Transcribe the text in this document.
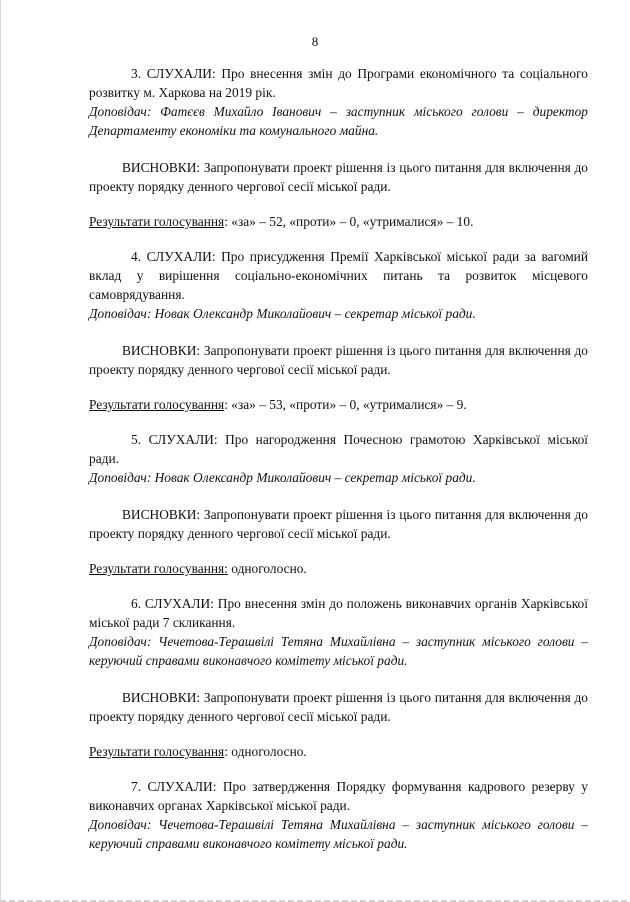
8

3. СЛУХАЛИ: Про внесення змін до Програми економічного та соціального розвитку м. Харкова на 2019 рік.

Доповідач: Фатєєв Михайло Іванович – заступник міського голови – директор Департаменту економіки та комунального майна.

ВИСНОВКИ: Запропонувати проект рішення із цього питання для включення до проекту порядку денного чергової сесії міської ради.

Результати голосування: «за» – 52, «проти» – 0, «утрималися» – 10.

4. СЛУХАЛИ: Про присудження Премії Харківської міської ради за вагомий вклад у вирішення соціально-економічних питань та розвиток місцевого самоврядування.

Доповідач: Новак Олександр Миколайович – секретар міської ради.

ВИСНОВКИ: Запропонувати проект рішення із цього питання для включення до проекту порядку денного чергової сесії міської ради.

Результати голосування: «за» – 53, «проти» – 0, «утрималися» – 9.

5. СЛУХАЛИ: Про нагородження Почесною грамотою Харківської міської ради.

Доповідач: Новак Олександр Миколайович – секретар міської ради.

ВИСНОВКИ: Запропонувати проект рішення із цього питання для включення до проекту порядку денного чергової сесії міської ради.

Результати голосування: одноголосно.

6. СЛУХАЛИ: Про внесення змін до положень виконавчих органів Харківської міської ради 7 скликання.

Доповідач: Чечетова-Терашвілі Тетяна Михайлівна – заступник міського голови – керуючий справами виконавчого комітету міської ради.

ВИСНОВКИ: Запропонувати проект рішення із цього питання для включення до проекту порядку денного чергової сесії міської ради.

Результати голосування: одноголосно.

7. СЛУХАЛИ: Про затвердження Порядку формування кадрового резерву у виконавчих органах Харківської міської ради.

Доповідач: Чечетова-Терашвілі Тетяна Михайлівна – заступник міського голови – керуючий справами виконавчого комітету міської ради.
